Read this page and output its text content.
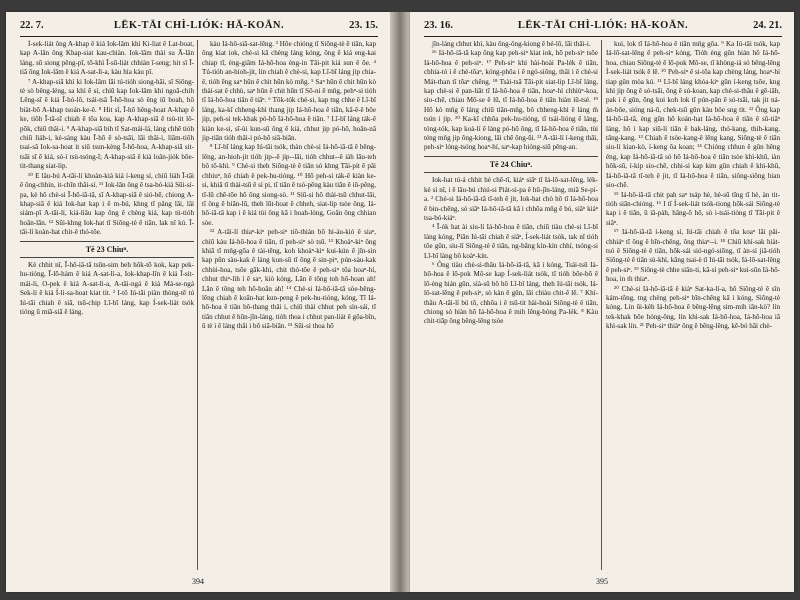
22. 7.	LĒK-TĀI CHÌ-LIÓK: HĀ-KOĀN.	23. 15.

Í-sek-liát ông A-khap ê kiá Iok-lâm khì Ki-liat ê Lat-boat, kap A-lân ông Khap-siat kau-chiàn. Iok-lâm thài su Ā-lân láng, sũ siong pêng-pī, tō-khì Ī-sū-liát chhiàn ī-seng; hit sî Ī-tiā ông Iok-lâm ê kiá A-sat-lì-a, kàu hia kàu pī.

⁷ A-khap-siā khì ki Iok-lâm lāi tú-tióh siong-hāi, sī Siông-tè sò bêng-léng, sa khì ē sí, chiū kap Iok-lâm khí ngoā-chih Lêng-sī ê kiá Ī-hó-lō, tsái-tsā Ī-hō-hoa sò êng iū boah, hō biàt-bō A-khap tsoán-ke-ê. ⁸ Hit sî, Ī-hō hêng-hoat A-khap ê ke, tiōh Ī-tā-sī chiah ê tōa koa, kap A-khap-siā ê tsù-tit lô-pōk, chiū thâi-i. ⁹ A-khap-siā bih tī Sat-mài-lá, láng chhē tióh chiū liáh-i, kè-sàng kàu Ī-hō ê sò-tsāi, lāi thâi-i, liām-tiōh tsai-sâ Iok-sa-hoat it siū tsun-kèng Ī-hō-hoa, A-khap-siā sit-tsāi sī ē kiá, só-í tsù-tsóng-ī; A-khap-siā ê kiá loân-jiók bōe-tit-thang siat-lip.

¹⁰ E lâu-bú A-tāi-lí khoàn-kiá kiá í-keng sí, chiū liáh Ī-tāi ê ông-chhin, it-chīn thâi-sí. ¹¹ Iok-lān ông ê tsa-bó-kiá Sūi-sí-pa, kè hō chè-si Ī-hō-iā-tā, sī A-khap-siā ê sió-bē, chiong A-khap-siā ê kiá Iok-hat kap i ê m-bú, khng tī pâng lāi, lâi siám-pī A-tāi-lí, kiá-liâu kap ông ê chèng kiá, kap tú-tióh hoān-lān. ¹² Sūi-khng Iok-hat tī Siōng-tè ê tiān, lak nî kú. Ī-tāi-lí koàn-hat chit-ê thó-tōe.

Tē 23 Chiuⁿ.

Kè chhit nî, Ī-hō-iā-tā tsūn-sim beh hôk-tō kok, kap pek-hu-tióng, Ī-lō-hàm ê kiá A-sat-lì-a, Iok-khap-lîn ê kiá Ī-sit-mái-li, O-pek ê kiá A-sat-lì-a, A-tāi-ngá ê kiá Má-se-ngá Sek-lí ê kiá Í-li-sa-hoat kiat tit. ² I-tō Iú-tāi piàn thòng-tē tú Iú-tāi chiah ê siā, tsū-chip Lī-bī láng, kap Í-sek-liát tsók tióng ū miā-siā ê láng.

kàu Iá-hō-siā-sat-lêng. ³ Hōe chióng tī Siōng-tè ê tiān, kap ông kiat iok, chè-si kā chèng láng kóng, ông ê kiá eng-kai chiap tī, èng-giâm Iá-hō-hoa èng-in Tāi-pit kiá sun ê ōe. ⁴ Tú-tióh an-hioh-jit, lín chiah ê chè-si, kap Lī-bī láng jip chia-ê, tióh ēng saⁿ hūn ê chit hūn kò mn̄g. ⁵ Saⁿ hūn ê chit hūn kò thài-sat ê chhù, saⁿ hūn ê chit hūn tī Sō-ni ê mn̄g, pehⁿ-si tióh tī Iá-hō-hoa tiān ê tiâⁿ. ⁶ Tōk-tók chè-si, kap tng chhe ê Lī-bī láng, ka-kī chheng-khì thang jip Iá-hō-hoa ê tiān, kā-ê-ê bôe jip, peh-si tek-khak pó-hō Iá-hō-hoa ê tiān. ⁷ Lī-bī láng ták-ê kiàn ke-si, sī-ùi kun-sū ông ê kiá, chhut jip pó-hō, hoān-nā jip-tiān tióh thâi-i pó-hō siā-biān.

⁸ Lī-bī láng kap Iú-tāi tsók, thàn chè-si Iá-hō-iā-tā ê bêng-lêng, an-hioh-jit tióh jip--ê jip--lāi, tióh chhut--ê iáh lâu-teh bô tō-khì. ⁹ Chè-si theh Siōng-tè ê tiān só khng Tāi-pit ê pâi chhiuⁿ, hō chiah ê pek-hu-tióng. ¹⁰ Hō peh-si ták-ê kiàn ke-si, khiā tī thài-tsū ê sì pi, tī tiān ê tsó-pêng kàu tiān ê iū-pêng, tī-lū chē-tōe hō ông siong-sò. ¹¹ Siū-si hō thài-tsū chhut-lâi, tī ông ê biān-lū, theh lūt-hoat ê chheh, siat-lip tsòe ông, Iá-hō-iā-tā kap i ê kiá tùi ông kā i hoah-lóng, Goān ông chhian sòe.

¹² A-tāi-lí thiaⁿ-kiⁿ peh-siⁿ tiō-thián bō hi-áu-kió ê siaⁿ, chiū kàu Iá-hō-hoa ê tiān, tī peh-siⁿ sò tsû. ¹³ Khoàⁿ-kiⁿ ông khiā tī mn̄g-gōa ê tài-tēng, koh khoàⁿ-kiⁿ kui-kún ê jîn-sin kap pûn sàu-kak ê láng kun-sū tī ông ê sin-piⁿ, pún-sàu-kak chhùi-hoa, tsōe gāk-khì, chit thó-tōe ê peh-siⁿ tōa hoaⁿ-hí, chhut thiⁿ-lìh í ê saⁿ, kiò kóng, Lān ê tōng toh hō-hoan ah! Lān ê tōng teh hō-hoân ah! ¹⁴ Chè-si Iá-hō-iā-tā sòe-bêng-lêng chiah ê koān-hat kun-peng ê pek-hu-tióng, kóng, Tī Iá-hō-hoa ê tiān bô-thang thâi i, chiū thài chhut peh sìn-sái, tī tiān chhut ê hūn-jīn-láng, tióh thoa i chhut pan-liàt ê gōa-bīn, ū tè i ê láng thâi i bô siā-biān. ¹⁵ Sūi-si thoa hō

394
23. 16.	LĒK-TĀI CHÌ-LIÓK: HĀ-KOĀN.	24. 21.

jîn-láng chhut khì, kàu ông-ông-kiong ê bé-lō, lāi thâi-i.

¹⁶ Iá-hō-iā-tā kap ông kap peh-siⁿ kiat iok, hō peh-siⁿ tsōe Iá-hō-hoa ê peh-siⁿ. ¹⁷ Peh-siⁿ khì hài-hoài Pa-lék ê tiān, chhia-tó i ê chè-tōaⁿ, kóng-phōa i ê ngó-siōng, thâi i ê chè-si Mát-than tī tōaⁿ chêng. ¹⁸ Tsài-tsā Tāi-pit siat-lip Lī-bī láng, kap chè-si ê pan-liāt tī Iá-hō-hoa ê tiān, hoaⁿ-hí chhiùⁿ-koa, sio-chē, chiau Mô-se ê lū, tī Iá-hō-hoa ê tiān hiàn iū-tsè. ¹⁹ Hō kò mn̄g ê láng chiū tiān-mn̄g, bô chheng-khì ê láng m̄ tsún i jip. ²⁰ Ka-kī chhōa pek-hu-tióng, tī tsái-lióng ê láng, tóng-tók, kap koà-lí ê láng pó-hō ông, tī Iá-hō-hoa ê tiān, tùi téng mn̄g jip ông-kiong, lâi chē ông-ūi. ²¹ A-tāi-lí í-keng thâi, peh-siⁿ lóng-tsóng hoaⁿ-hí, saⁿ-kap hióng-siū pêng-an.

Tē 24 Chiuⁿ.

Iok-hat tú-á chhit hè chē-tī, kiáⁿ siāⁿ tī Iá-lō-sat-lêng, lék-kè sì nî, i ê lâu-bú chiú-si Piát-si-pa ê hū-jîn-láng, miā Se-pi-a. ² Chè-si Iá-hō-iā-tā tī-teh ê jit, Iok-hat chò hō tī Iá-hō-hoa ê bin-chêng, só siāⁿ Iá-hō-iā-tā kā i chhōa mn̄g ê bó, siāⁿ kiáⁿ tsa-bó-kiáⁿ.

⁴ Ī-ók hat ài siu-lí Iá-hō-hoa ê tiān, chiū tiàu chè-si Lī-bī láng kóng, Piān Iú-tāi chiah ê siâⁿ, Í-sek-liát tsók, tak nî tióh tōe gûn, siu-lí Siōng-tè ê tiān, ng-bāng kín-kín chhí, tsóng-si Lī-bī láng bô koàⁿ-kín.

⁶ Ông tiàu chè-si-thâu Iá-hō-iā-tā, kā i kóng, Tsái-tsū Iá-hō-hoa ê lō-pok Mô-se kap Í-sek-liát tsók, tī tióh bōe-bō ê lō-èng hián gûn, sià-sū bô hō Lī-bī láng, theh Iú-tāi tsók, Iá-lō-sat-lêng ê peh-siⁿ, sò kàn ê gûn, lâi chiàu chit-ê lē. ⁷ Khí-thâu A-tāi-lí bú tō, chhōa i ê tsū-tit hài-hoài Siōng-tè ê tiān, chiong só hiàn hō Iá-hō-hoa ê mih lêng-bòng Pa-lék. ⁸ Kàu chit-tiāp ông bêng-lêng tsòe

kui, lok tī Iá-hō-hoa ê tiān mn̄g gōa. ⁹ Ka Iú-tāi tsók, kap Iá-lō-sat-lêng ê peh-siⁿ kóng, Tióh èng gûn hián hō Iá-hō-hoa, chiau Siōng-tè ê lō-pok Mô-se, tī khòng-iá só bêng-lêng Í-sek-liát tsók ê lē. ¹⁰ Peh-siⁿ ê si-tōa kap chèng láng, hoaⁿ-hí tiap gûn mòa kú. ¹¹ Lī-bī láng khóa-kiⁿ gûn í-keng tsōe, kng khì jip ông ê só-tsāi, ông ê sú-koan, kap chè-si-thâu ê gē-iâh, pak i ê gûn, ōng kui koh lok tī pún-pân ê só-tsāi, tak jit ná-án-bōe, sióng ná-ū, chek-tsū gûn kàu bôe sng tit. ¹² Ông kap Iá-hō-iā-tā, èng gûn hō koán-hat Iá-hō-hoa ê tiān ê sū-tiāⁿ láng, hō i kap siū-lí tiān ê bak-láng, thó-kang, thih-kang, tâng-kang. ¹³ Chiah ê tsòe-kang-ê lêng kang, Siōng-tè ê tiān siu-lí kian-kò, í-keng ōa koan; ¹⁴ Chióng chhun ê gûn hêng êng, kap Iá-hō-iā-tā só hō Iá-hō-hoa ê tiān tsòe khì-khū, iàn hōk-sū, í-kip sio-chē, chhi-sì kap kim gûn chiah ê khì-khū, Iá-hō-iā-tā tī-teh ê jit, tī Iá-hō-hoa ê tiān, siông-siông hian sio-chē.

¹⁵ Iá-hō-iā-tā chit pah saⁿ tsáp hè, hè-sū tīng tī hè, àn tit-tióh siān-chióng. ¹⁶ I tī Í-sek-liát tsók-tiong hōk-sái Siōng-tè kap i ê tiān, ū iā-pàh, hāng-ō hō, sò i-tsái-tióng tī Tāi-pit ê siâⁿ.

¹⁷ Iá-hō-iā-tā í-keng sí, Iú-tāi chiah ê tōa koaⁿ lâi pâi-chhiáⁿ tī ông ê bīn-chêng, ông thiaⁿ--i. ¹⁸ Chiū khì-sak hiàt-tsó ê Siōng-tè ê tiān, hōk-sái sió-ngó-siōng, tī àn-sì jiâ-tióh Siōng-tè ê tiān sù-khì, kāng tsai-è tī Iú-tāi tsók, Iá-lō-sat-lêng ê peh-siⁿ. ¹⁹ Siōng-tè chhe siān-ti, kā-sì peh-siⁿ kui-sūn Iá-hō-hoa, in m̄ thiaⁿ.

²⁰ Chè-si Iá-hō-iā-tā ê kiáⁿ Sat-ka-lí-a, hō Siōng-tè ê sîn kám-tōng, tng chèng peh-siⁿ bīn-chêng kā i kóng, Siōng-tè kóng, Lín ūi-kèh Iá-hō-hoa ê bêng-lêng sim-mih iān-kò? lín tek-khak bōe hóng-ông, lín khì-sak Iá-hō-hoa, Iá-hō-hoa iā khì-sak lín. ²¹ Peh-siⁿ thiàⁿ ông ê bêng-lêng, kē-bó hāi chè-

395
